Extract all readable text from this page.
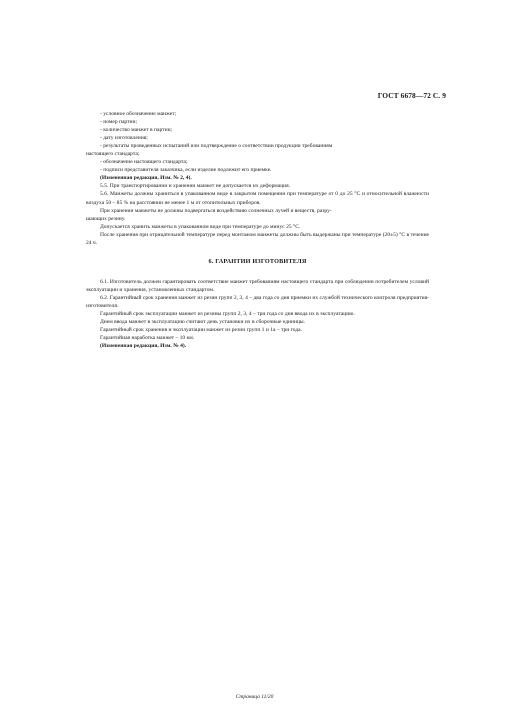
ГОСТ 6678—72 С. 9

- условное обозначение манжет;

- номер партии;

- количество манжет в партии;

- дату изготовления;

- результаты проведенных испытаний или подтверждение о соответствии продукции требованиям

настоящего стандарта;

- обозначение настоящего стандарта;

- подписи представителя заказчика, если изделие подлежит его приемке.

(Измененная редакция, Изм. № 2, 4).

5.5. При транспортировании и хранении манжет не допускается их деформация.

5.6. Манжеты должны храниться в упакованном виде в закрытом помещении при температуре от 0 до 25 °С и относительной влажности воздуха 50 – 85 % на расстоянии не менее 1 м от отопительных приборов.

При хранении манжеты не должны подвергаться воздействию солнечных лучей и веществ, разру-

шающих резину.

Допускается хранить манжеты в упакованном виде при температуре до минус 25 °С.

После хранения при отрицательной температуре перед монтажом манжеты должны быть выдержаны при температуре (20±5) °С в течение 24 ч.

6. ГАРАНТИИ ИЗГОТОВИТЕЛЯ

6.1. Изготовитель должен гарантировать соответствие манжет требованиям настоящего стандарта при соблюдении потребителем условий эксплуатации и хранения, установленных стандартом.

6.2. Гарантийный срок хранения манжет из резин групп 2, 3, 4 – два года со дня приемки их службой технического контроля предприятия-изготовителя.

Гарантийный срок эксплуатации манжет из резины групп 2, 3, 4 – три года со дня ввода их в эксплуатацию.

Днем ввода манжет в эксплуатацию считают день установки их в сборочные единицы.

Гарантийный срок хранения и эксплуатации манжет из резин групп 1 и 1а – три года.

Гарантийная наработка манжет – 10 км.

(Измененная редакция, Изм. № 4).

Страница 11/20
